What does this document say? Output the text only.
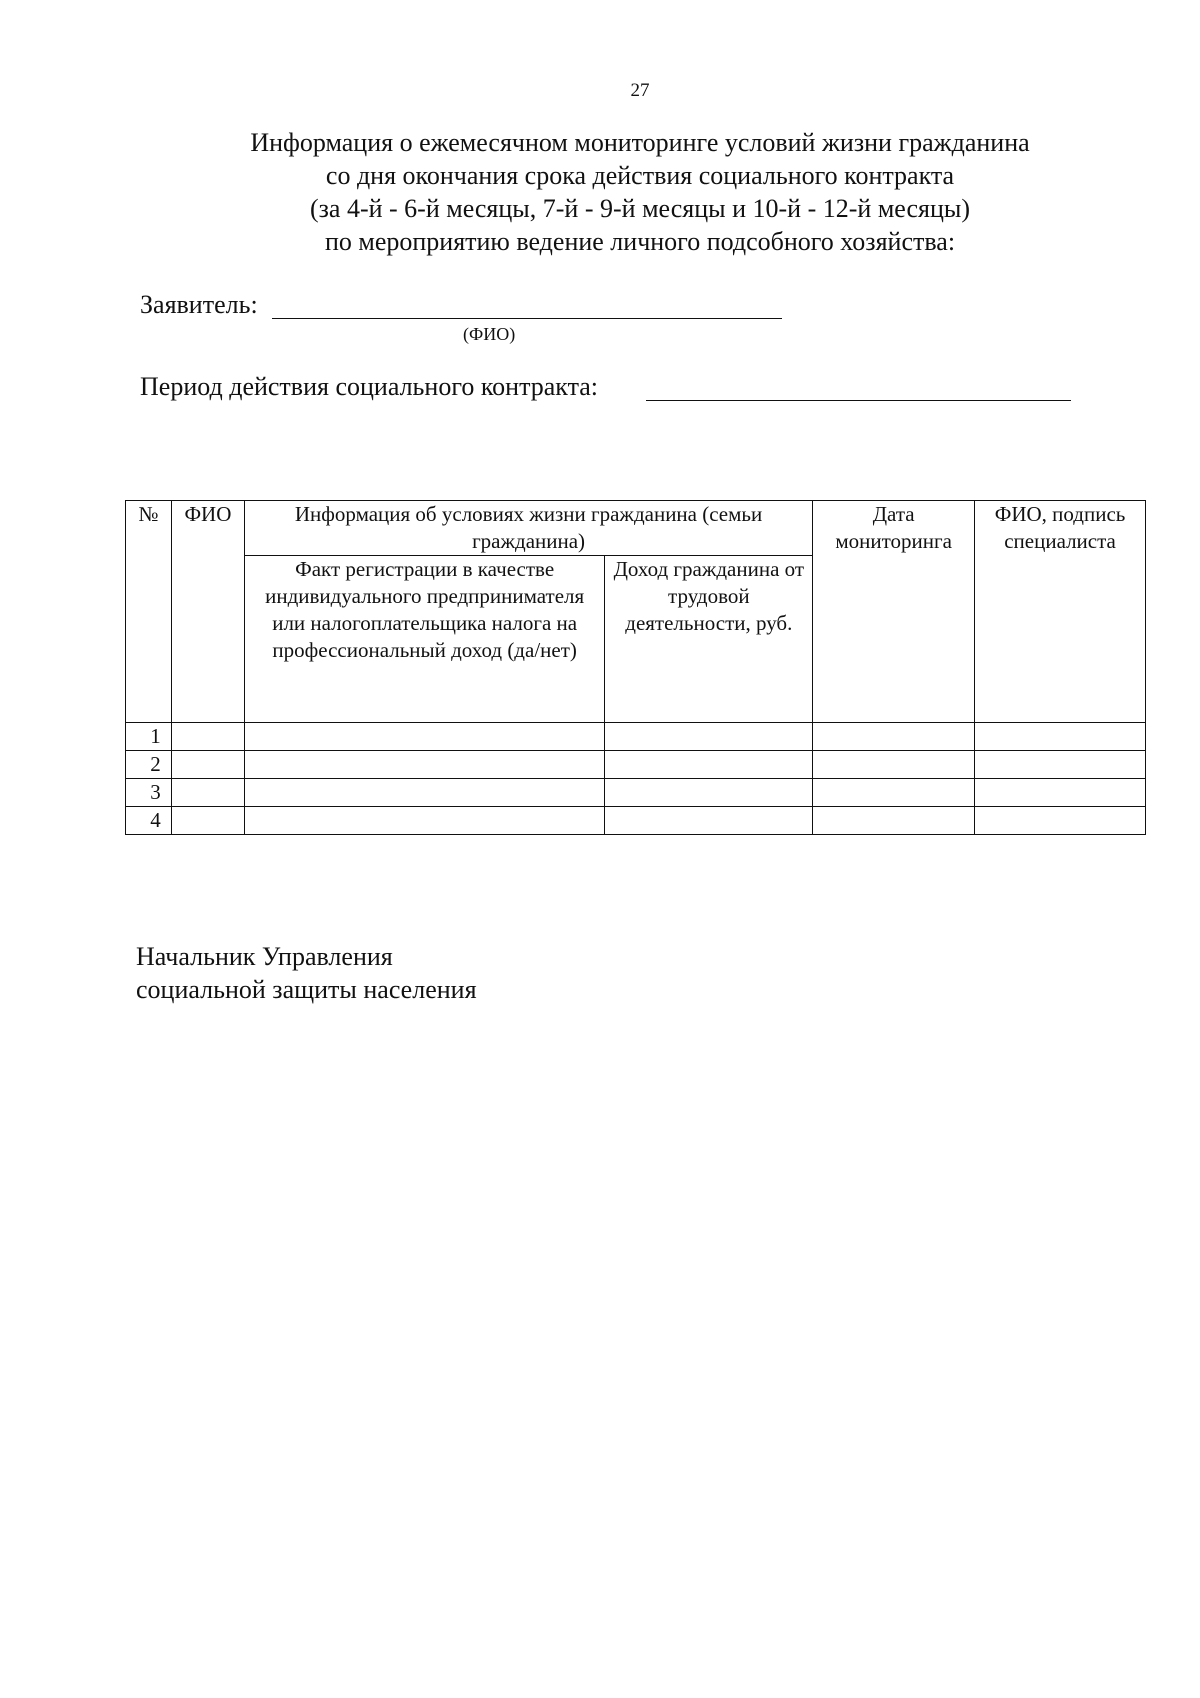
27
Информация о ежемесячном мониторинге условий жизни гражданина
со дня окончания срока действия социального контракта
(за 4-й - 6-й месяцы, 7-й - 9-й месяцы и 10-й - 12-й месяцы)
по мероприятию ведение личного подсобного хозяйства:
Заявитель:
(ФИО)
Период действия социального контракта:
№	ФИО	Информация об условиях жизни гражданина (семьи гражданина)		Дата мониторинга	ФИО, подпись специалиста
		Факт регистрации в качестве индивидуального предпринимателя или налогоплательщика налога на профессиональный доход (да/нет)	Доход гражданина от трудовой деятельности, руб.		
1					
2					
3					
4					
Начальник Управления
социальной защиты населения
